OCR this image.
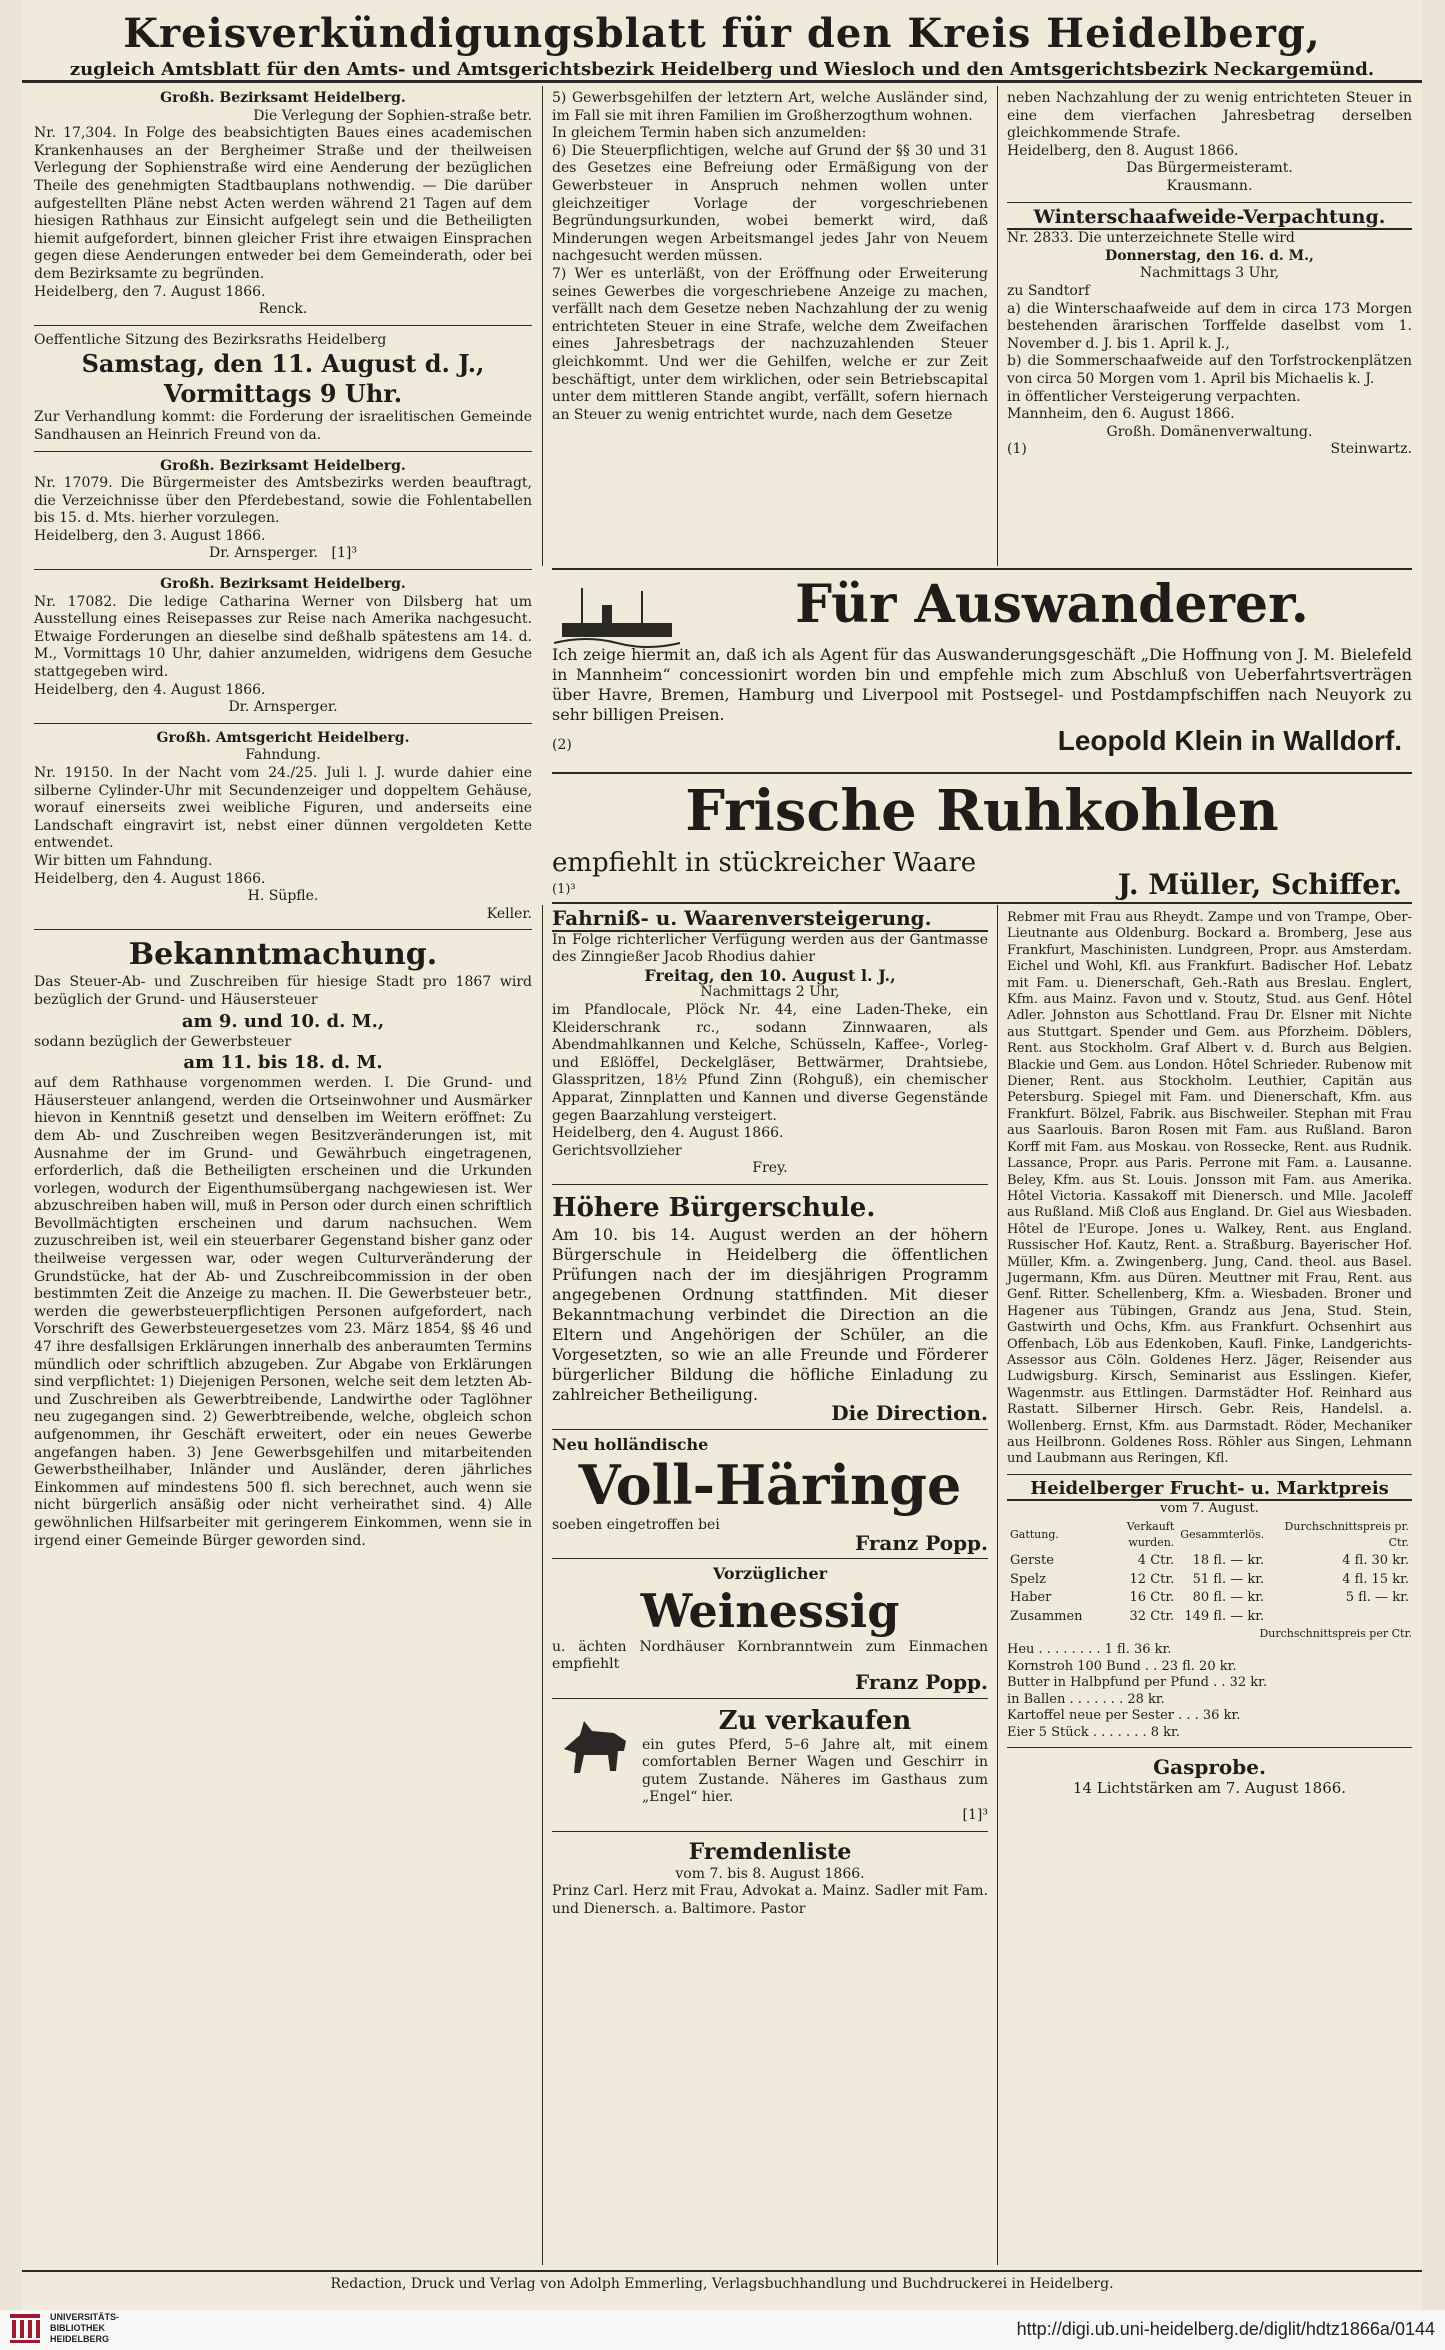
Kreisverkündigungsblatt für den Kreis Heidelberg,
zugleich Amtsblatt für den Amts- und Amtsgerichtsbezirk Heidelberg und Wiesloch und den Amtsgerichtsbezirk Neckargemünd.

Großh. Bezirksamt Heidelberg.

Die Verlegung der Sophien-straße betr.

Nr. 17,304. In Folge des beabsichtigten Baues eines academischen Krankenhauses an der Bergheimer Straße und der theilweisen Verlegung der Sophienstraße wird eine Aenderung der bezüglichen Theile des genehmigten Stadtbauplans nothwendig. — Die darüber aufgestellten Pläne nebst Acten werden während 21 Tagen auf dem hiesigen Rathhaus zur Einsicht aufgelegt sein und die Betheiligten hiemit aufgefordert, binnen gleicher Frist ihre etwaigen Einsprachen gegen diese Aenderungen entweder bei dem Gemeinderath, oder bei dem Bezirksamte zu begründen.

Heidelberg, den 7. August 1866.

Renck.

Oeffentliche Sitzung des Bezirksraths Heidelberg

Samstag, den 11. August d. J.,

Vormittags 9 Uhr.

Zur Verhandlung kommt: die Forderung der israelitischen Gemeinde Sandhausen an Heinrich Freund von da.

Großh. Bezirksamt Heidelberg.

Nr. 17079. Die Bürgermeister des Amtsbezirks werden beauftragt, die Verzeichnisse über den Pferdebestand, sowie die Fohlentabellen bis 15. d. Mts. hierher vorzulegen.

Heidelberg, den 3. August 1866.

Dr. Arnsperger. [1]³

Großh. Bezirksamt Heidelberg.

Nr. 17082. Die ledige Catharina Werner von Dilsberg hat um Ausstellung eines Reisepasses zur Reise nach Amerika nachgesucht. Etwaige Forderungen an dieselbe sind deßhalb spätestens am 14. d. M., Vormittags 10 Uhr, dahier anzumelden, widrigens dem Gesuche stattgegeben wird.

Heidelberg, den 4. August 1866.

Dr. Arnsperger.

Großh. Amtsgericht Heidelberg.

Fahndung.

Nr. 19150. In der Nacht vom 24./25. Juli l. J. wurde dahier eine silberne Cylinder-Uhr mit Secundenzeiger und doppeltem Gehäuse, worauf einerseits zwei weibliche Figuren, und anderseits eine Landschaft eingravirt ist, nebst einer dünnen vergoldeten Kette entwendet.

Wir bitten um Fahndung.

Heidelberg, den 4. August 1866.

H. Süpfle.

Keller.

Bekanntmachung.

Das Steuer-Ab- und Zuschreiben für hiesige Stadt pro 1867 wird bezüglich der Grund- und Häusersteuer

am 9. und 10. d. M.,

sodann bezüglich der Gewerbsteuer

am 11. bis 18. d. M.

auf dem Rathhause vorgenommen werden. I. Die Grund- und Häusersteuer anlangend, werden die Ortseinwohner und Ausmärker hievon in Kenntniß gesetzt und denselben im Weitern eröffnet: Zu dem Ab- und Zuschreiben wegen Besitzveränderungen ist, mit Ausnahme der im Grund- und Gewährbuch eingetragenen, erforderlich, daß die Betheiligten erscheinen und die Urkunden vorlegen, wodurch der Eigenthumsübergang nachgewiesen ist. Wer abzuschreiben haben will, muß in Person oder durch einen schriftlich Bevollmächtigten erscheinen und darum nachsuchen. Wem zuzuschreiben ist, weil ein steuerbarer Gegenstand bisher ganz oder theilweise vergessen war, oder wegen Culturveränderung der Grundstücke, hat der Ab- und Zuschreibcommission in der oben bestimmten Zeit die Anzeige zu machen. II. Die Gewerbsteuer betr., werden die gewerbsteuerpflichtigen Personen aufgefordert, nach Vorschrift des Gewerbsteuergesetzes vom 23. März 1854, §§ 46 und 47 ihre desfallsigen Erklärungen innerhalb des anberaumten Termins mündlich oder schriftlich abzugeben. Zur Abgabe von Erklärungen sind verpflichtet: 1) Diejenigen Personen, welche seit dem letzten Ab- und Zuschreiben als Gewerbtreibende, Landwirthe oder Taglöhner neu zugegangen sind. 2) Gewerbtreibende, welche, obgleich schon aufgenommen, ihr Geschäft erweitert, oder ein neues Gewerbe angefangen haben. 3) Jene Gewerbsgehilfen und mitarbeitenden Gewerbstheilhaber, Inländer und Ausländer, deren jährliches Einkommen auf mindestens 500 fl. sich berechnet, auch wenn sie nicht bürgerlich ansäßig oder nicht verheirathet sind. 4) Alle gewöhnlichen Hilfsarbeiter mit geringerem Einkommen, wenn sie in irgend einer Gemeinde Bürger geworden sind.

5) Gewerbsgehilfen der letztern Art, welche Ausländer sind, im Fall sie mit ihren Familien im Großherzogthum wohnen.

In gleichem Termin haben sich anzumelden:

6) Die Steuerpflichtigen, welche auf Grund der §§ 30 und 31 des Gesetzes eine Befreiung oder Ermäßigung von der Gewerbsteuer in Anspruch nehmen wollen unter gleichzeitiger Vorlage der vorgeschriebenen Begründungsurkunden, wobei bemerkt wird, daß Minderungen wegen Arbeitsmangel jedes Jahr von Neuem nachgesucht werden müssen.

7) Wer es unterläßt, von der Eröffnung oder Erweiterung seines Gewerbes die vorgeschriebene Anzeige zu machen, verfällt nach dem Gesetze neben Nachzahlung der zu wenig entrichteten Steuer in eine Strafe, welche dem Zweifachen eines Jahresbetrags der nachzuzahlenden Steuer gleichkommt. Und wer die Gehilfen, welche er zur Zeit beschäftigt, unter dem wirklichen, oder sein Betriebscapital unter dem mittleren Stande angibt, verfällt, sofern hiernach an Steuer zu wenig entrichtet wurde, nach dem Gesetze

neben Nachzahlung der zu wenig entrichteten Steuer in eine dem vierfachen Jahresbetrag derselben gleichkommende Strafe.

Heidelberg, den 8. August 1866.

Das Bürgermeisteramt.

Krausmann.

Winterschaafweide-Verpachtung.

Nr. 2833. Die unterzeichnete Stelle wird

Donnerstag, den 16. d. M.,

Nachmittags 3 Uhr,

zu Sandtorf

a) die Winterschaafweide auf dem in circa 173 Morgen bestehenden ärarischen Torffelde daselbst vom 1. November d. J. bis 1. April k. J.,

b) die Sommerschaafweide auf den Torfstrockenplätzen von circa 50 Morgen vom 1. April bis Michaelis k. J.

in öffentlicher Versteigerung verpachten.

Mannheim, den 6. August 1866.

Großh. Domänenverwaltung.

(1)	Steinwartz.

Für Auswanderer.
Ich zeige hiermit an, daß ich als Agent für das Auswanderungsgeschäft „Die Hoffnung von J. M. Bielefeld in Mannheim“ concessionirt worden bin und empfehle mich zum Abschluß von Ueberfahrtsverträgen über Havre, Bremen, Hamburg und Liverpool mit Postsegel- und Postdampfschiffen nach Neuyork zu sehr billigen Preisen.
(2)	Leopold Klein in Walldorf.
Frische Ruhkohlen
empfiehlt in stückreicher Waare
(1)³	J. Müller, Schiffer.

Fahrniß- u. Waarenversteigerung.

In Folge richterlicher Verfügung werden aus der Gantmasse des Zinngießer Jacob Rhodius dahier

Freitag, den 10. August l. J.,

Nachmittags 2 Uhr,

im Pfandlocale, Plöck Nr. 44, eine Laden-Theke, ein Kleiderschrank rc., sodann Zinnwaaren, als Abendmahlkannen und Kelche, Schüsseln, Kaffee-, Vorleg- und Eßlöffel, Deckelgläser, Bettwärmer, Drahtsiebe, Glasspritzen, 18½ Pfund Zinn (Rohguß), ein chemischer Apparat, Zinnplatten und Kannen und diverse Gegenstände gegen Baarzahlung versteigert.

Heidelberg, den 4. August 1866.

Gerichtsvollzieher

Frey.

Höhere Bürgerschule.

Am 10. bis 14. August werden an der höhern Bürgerschule in Heidelberg die öffentlichen Prüfungen nach der im diesjährigen Programm angegebenen Ordnung stattfinden. Mit dieser Bekanntmachung verbindet die Direction an die Eltern und Angehörigen der Schüler, an die Vorgesetzten, so wie an alle Freunde und Förderer bürgerlicher Bildung die höfliche Einladung zu zahlreicher Betheiligung.

Die Direction.

Neu holländische

Voll-Häringe

soeben eingetroffen bei

Franz Popp.

Vorzüglicher

Weinessig

u. ächten Nordhäuser Kornbranntwein zum Einmachen empfiehlt

Franz Popp.

Zu verkaufen

ein gutes Pferd, 5–6 Jahre alt, mit einem comfortablen Berner Wagen und Geschirr in gutem Zustande. Näheres im Gasthaus zum „Engel“ hier.

[1]³

Fremdenliste

vom 7. bis 8. August 1866.

Prinz Carl. Herz mit Frau, Advokat a. Mainz. Sadler mit Fam. und Dienersch. a. Baltimore. Pastor

Rebmer mit Frau aus Rheydt. Zampe und von Trampe, Ober-Lieutnante aus Oldenburg. Bockard a. Bromberg, Jese aus Frankfurt, Maschinisten. Lundgreen, Propr. aus Amsterdam. Eichel und Wohl, Kfl. aus Frankfurt. Badischer Hof. Lebatz mit Fam. u. Dienerschaft, Geh.-Rath aus Breslau. Englert, Kfm. aus Mainz. Favon und v. Stoutz, Stud. aus Genf. Hôtel Adler. Johnston aus Schottland. Frau Dr. Elsner mit Nichte aus Stuttgart. Spender und Gem. aus Pforzheim. Döblers, Rent. aus Stockholm. Graf Albert v. d. Burch aus Belgien. Blackie und Gem. aus London. Hôtel Schrieder. Rubenow mit Diener, Rent. aus Stockholm. Leuthier, Capitän aus Petersburg. Spiegel mit Fam. und Dienerschaft, Kfm. aus Frankfurt. Bölzel, Fabrik. aus Bischweiler. Stephan mit Frau aus Saarlouis. Baron Rosen mit Fam. aus Rußland. Baron Korff mit Fam. aus Moskau. von Rossecke, Rent. aus Rudnik. Lassance, Propr. aus Paris. Perrone mit Fam. a. Lausanne. Beley, Kfm. aus St. Louis. Jonsson mit Fam. aus Amerika. Hôtel Victoria. Kassakoff mit Dienersch. und Mlle. Jacoleff aus Rußland. Miß Cloß aus England. Dr. Giel aus Wiesbaden. Hôtel de l'Europe. Jones u. Walkey, Rent. aus England. Russischer Hof. Kautz, Rent. a. Straßburg. Bayerischer Hof. Müller, Kfm. a. Zwingenberg. Jung, Cand. theol. aus Basel. Jugermann, Kfm. aus Düren. Meuttner mit Frau, Rent. aus Genf. Ritter. Schellenberg, Kfm. a. Wiesbaden. Broner und Hagener aus Tübingen, Grandz aus Jena, Stud. Stein, Gastwirth und Ochs, Kfm. aus Frankfurt. Ochsenhirt aus Offenbach, Löb aus Edenkoben, Kaufl. Finke, Landgerichts-Assessor aus Cöln. Goldenes Herz. Jäger, Reisender aus Ludwigsburg. Kirsch, Seminarist aus Esslingen. Kiefer, Wagenmstr. aus Ettlingen. Darmstädter Hof. Reinhard aus Rastatt. Silberner Hirsch. Gebr. Reis, Handelsl. a. Wollenberg. Ernst, Kfm. aus Darmstadt. Röder, Mechaniker aus Heilbronn. Goldenes Ross. Röhler aus Singen, Lehmann und Laubmann aus Reringen, Kfl.

Heidelberger Frucht- u. Marktpreis

vom 7. August.

Gattung.	Verkauft wurden.	Gesammterlös.	Durchschnittspreis pr. Ctr.
Gerste	4 Ctr.	18 fl. — kr.	4 fl. 30 kr.
Spelz	12 Ctr.	51 fl. — kr.	4 fl. 15 kr.
Haber	16 Ctr.	80 fl. — kr.	5 fl. — kr.
Zusammen	32 Ctr.	149 fl. — kr.	

Durchschnittspreis per Ctr.

Heu . . . . . . . . 1 fl. 36 kr.

Kornstroh 100 Bund . . 23 fl. 20 kr.

Butter in Halbpfund per Pfund . . 32 kr.

in Ballen . . . . . . . 28 kr.

Kartoffel neue per Sester . . . 36 kr.

Eier 5 Stück . . . . . . . 8 kr.

Gasprobe.

14 Lichtstärken am 7. August 1866.

Redaction, Druck und Verlag von Adolph Emmerling, Verlagsbuchhandlung und Buchdruckerei in Heidelberg.
UNIVERSITÄTS-
BIBLIOTHEK
HEIDELBERG	http://digi.ub.uni-heidelberg.de/diglit/hdtz1866a/0144
